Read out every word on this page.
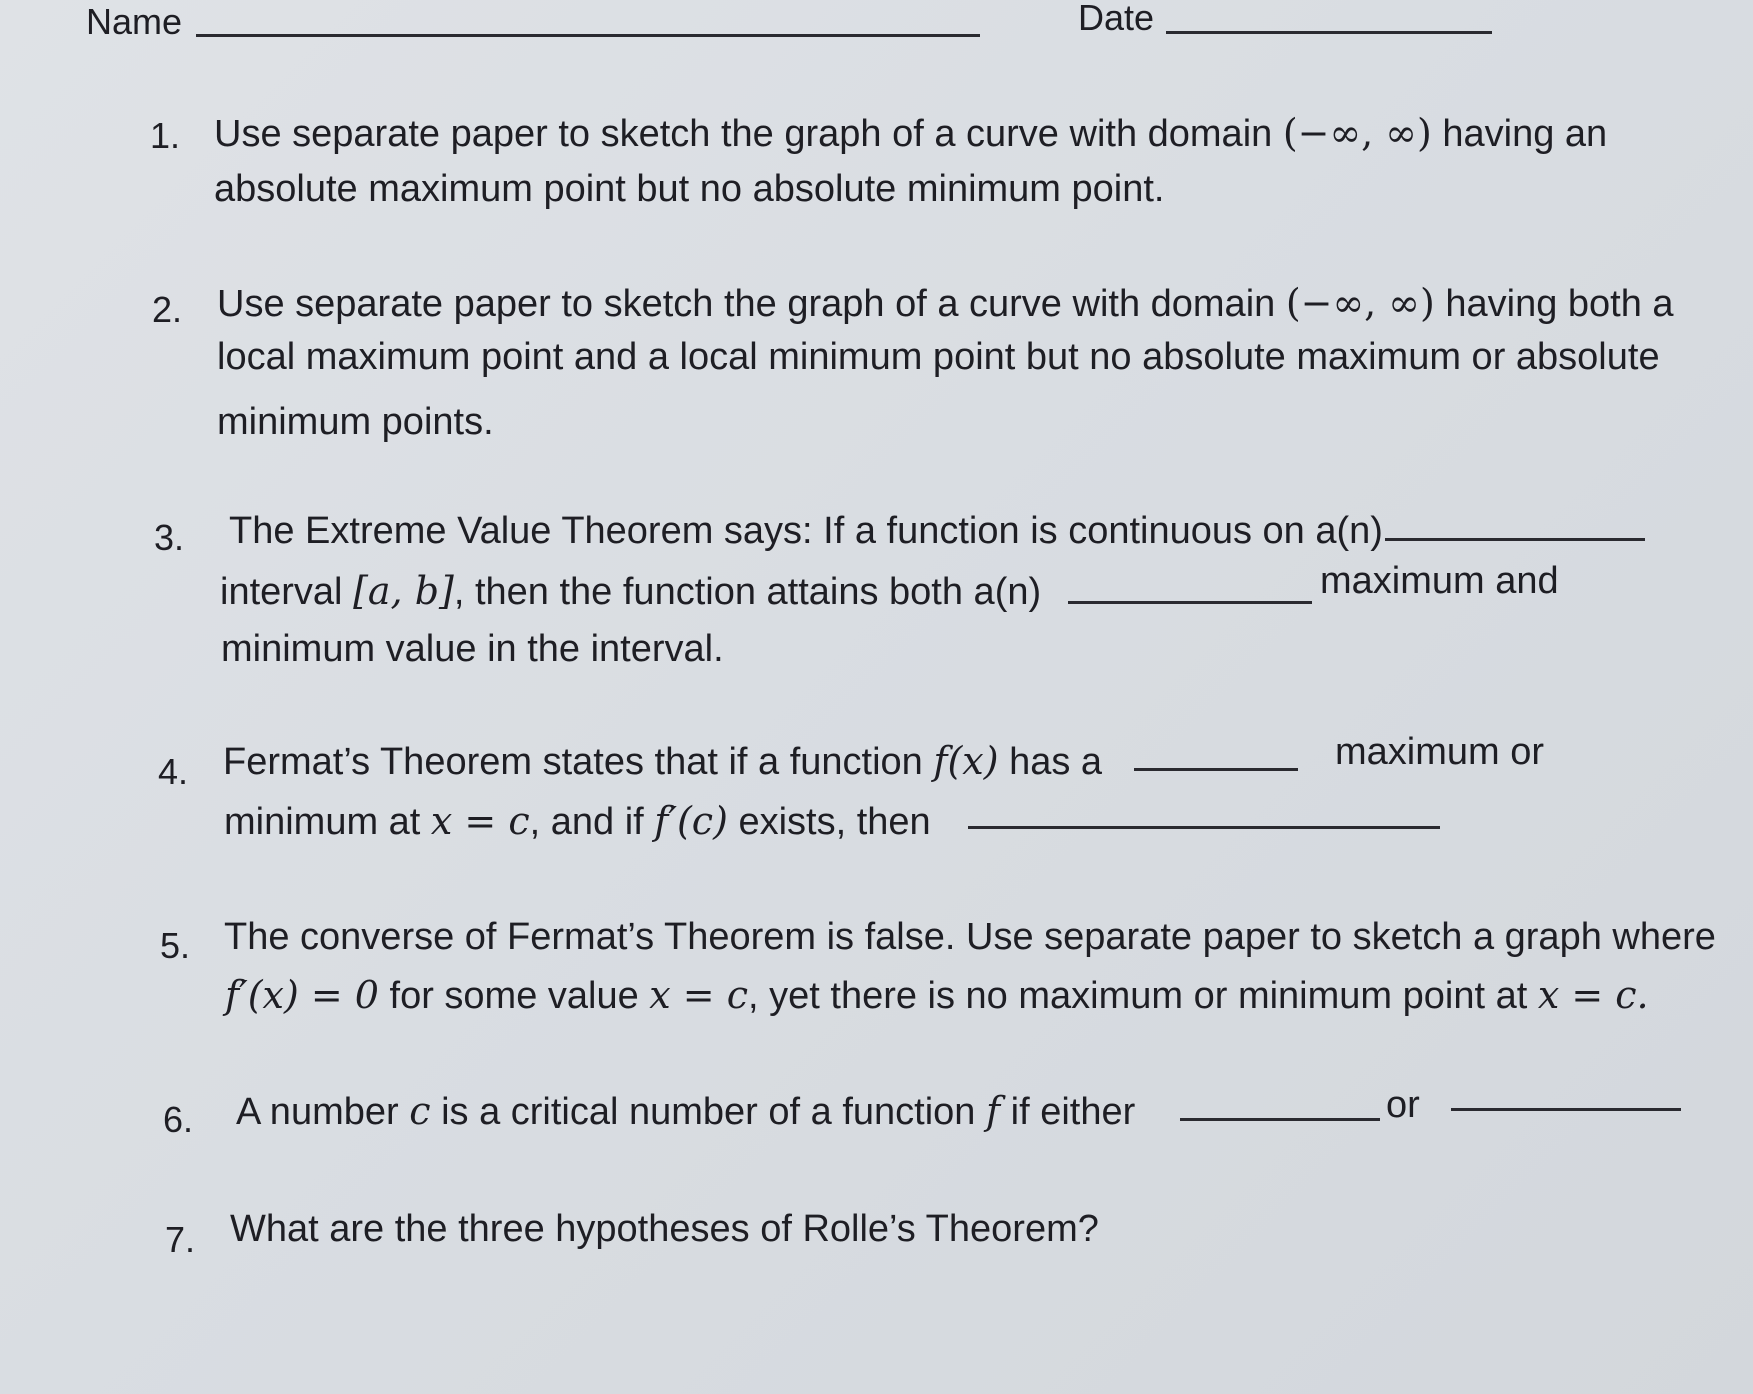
Name	Date
1. Use separate paper to sketch the graph of a curve with domain (−∞, ∞) having an
absolute maximum point but no absolute minimum point.
2. Use separate paper to sketch the graph of a curve with domain (−∞, ∞) having both a
local maximum point and a local minimum point but no absolute maximum or absolute
minimum points.
3. The Extreme Value Theorem says: If a function is continuous on a(n)
interval [a, b], then the function attains both a(n)	maximum and
minimum value in the interval.
4. Fermat’s Theorem states that if a function f(x) has a	maximum or
minimum at x = c, and if f′(c) exists, then
5. The converse of Fermat’s Theorem is false. Use separate paper to sketch a graph where
f′(x) = 0 for some value x = c, yet there is no maximum or minimum point at x = c.
6. A number c is a critical number of a function f if either	or
7. What are the three hypotheses of Rolle’s Theorem?
